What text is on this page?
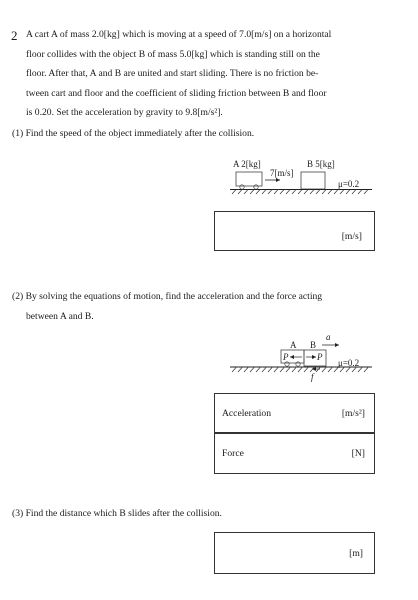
2 A cart A of mass 2.0[kg] which is moving at a speed of 7.0[m/s] on a horizontal
floor collides with the object B of mass 5.0[kg] which is standing still on the
floor. After that, A and B are united and start sliding. There is no friction be-
tween cart and floor and the coefficient of sliding friction between B and floor
is 0.20. Set the acceleration by gravity to 9.8[m/s²].
(1) Find the speed of the object immediately after the collision.
A 2[kg]
7[m/s]
B 5[kg]
μ=0.2
[m/s]
(2) By solving the equations of motion, find the acceleration and the force acting
between A and B.
a
A B
P	P
μ=0.2
f
Acceleration	[m/s²]
Force	[N]
(3) Find the distance which B slides after the collision.
[m]
